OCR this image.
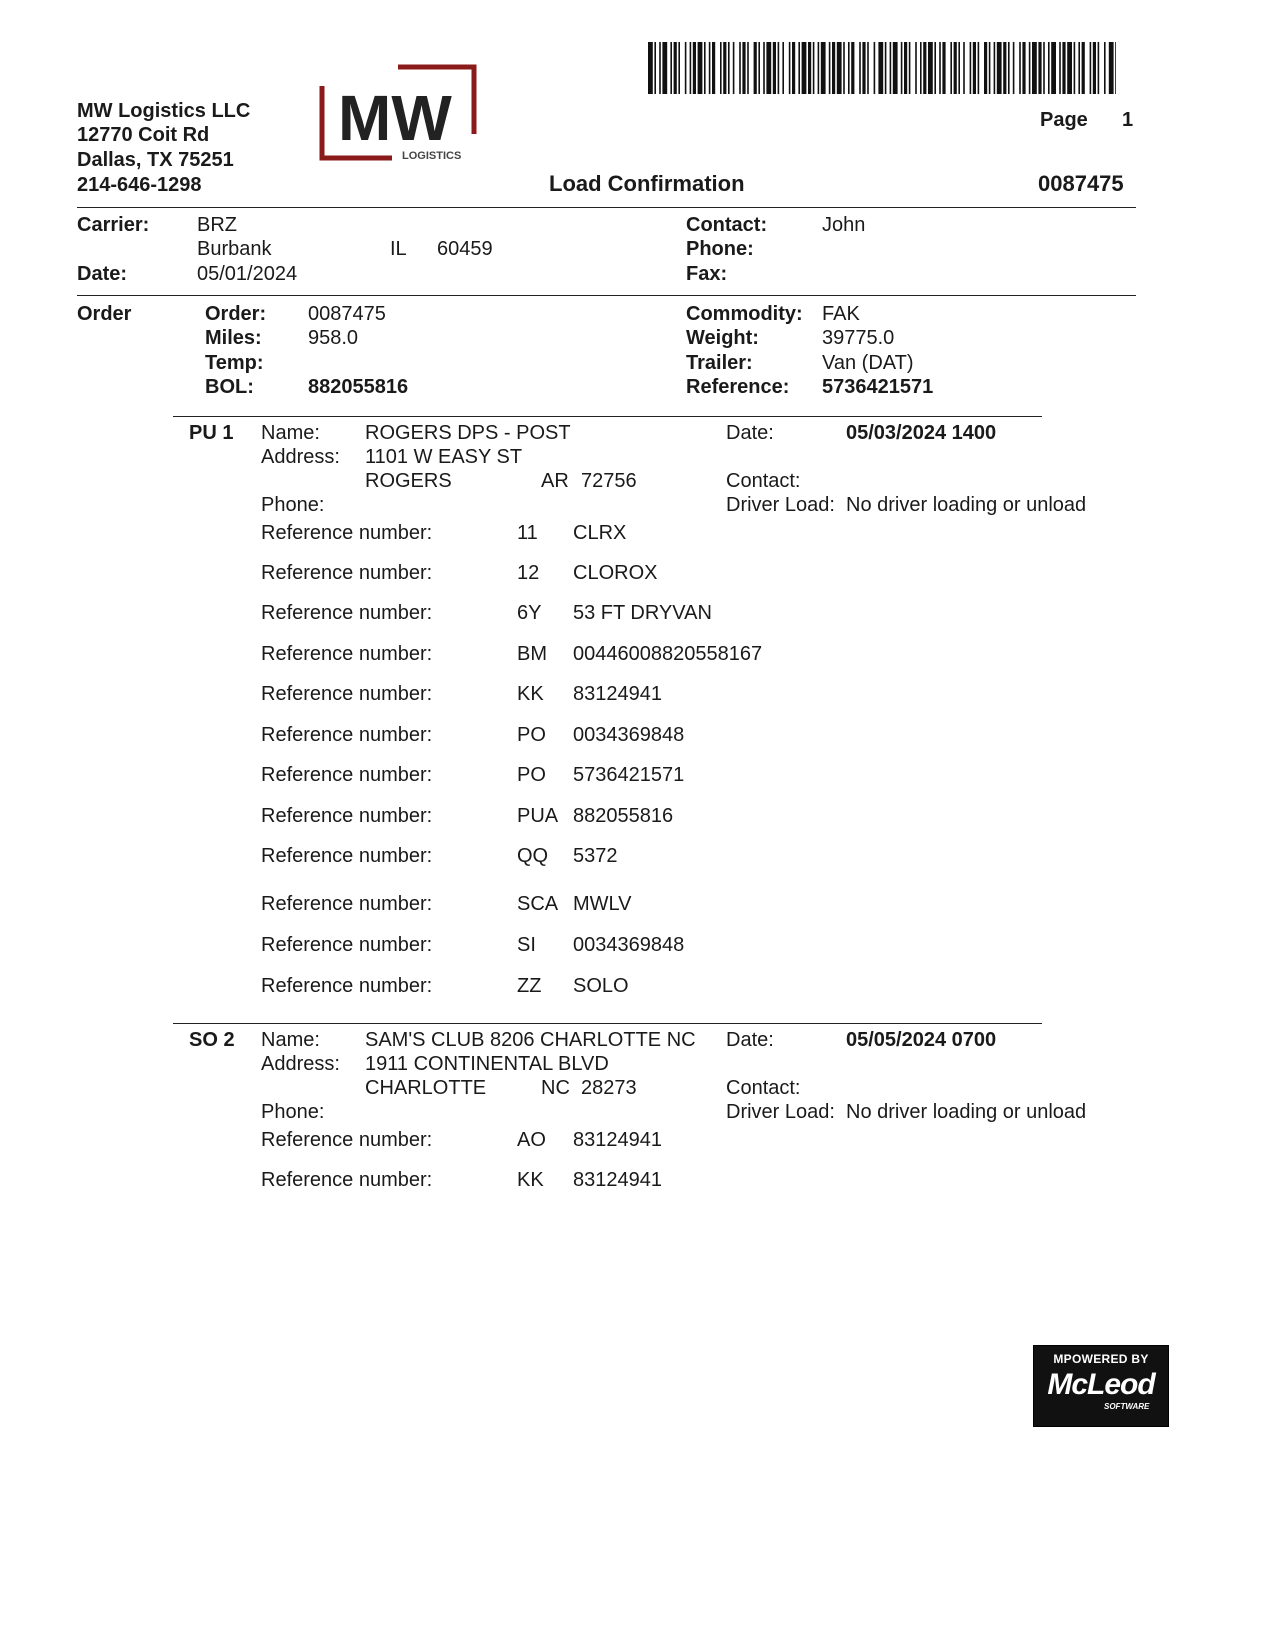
MW Logistics LLC
12770 Coit Rd
Dallas, TX 75251
214-646-1298
MW
LOGISTICS
Page 1
Load Confirmation	0087475
Carrier: BRZ
Burbank	IL 60459
Date:	05/01/2024
Contact:	John
Phone:
Fax:
Order	Order: 0087475
Miles: 958.0
Temp:
BOL:	882055816
Commodity: FAK
Weight:	39775.0
Trailer:	Van (DAT)
Reference: 5736421571
PU 1 Name: ROGERS DPS - POST
Address: 1101 W EASY ST
ROGERS	AR 72756
Phone:
Date:	05/03/2024 1400
Contact:
Driver Load: No driver loading or unload
Reference number:	11 CLRX
Reference number:	12 CLOROX
Reference number:	6Y 53 FT DRYVAN
Reference number:	BM 00446008820558167
Reference number:	KK 83124941
Reference number:	PO 0034369848
Reference number:	PO 5736421571
Reference number:	PUA 882055816
Reference number:	QQ 5372
Reference number:	SCA MWLV
Reference number:	SI 0034369848
Reference number:	ZZ SOLO
SO 2 Name: SAM'S CLUB 8206 CHARLOTTE NC
Address: 1911 CONTINENTAL BLVD
CHARLOTTE	NC 28273
Phone:
Date:	05/05/2024 0700
Contact:
Driver Load: No driver loading or unload
Reference number:	AO 83124941
Reference number:	KK 83124941
MPOWERED BY
McLeod
SOFTWARE
